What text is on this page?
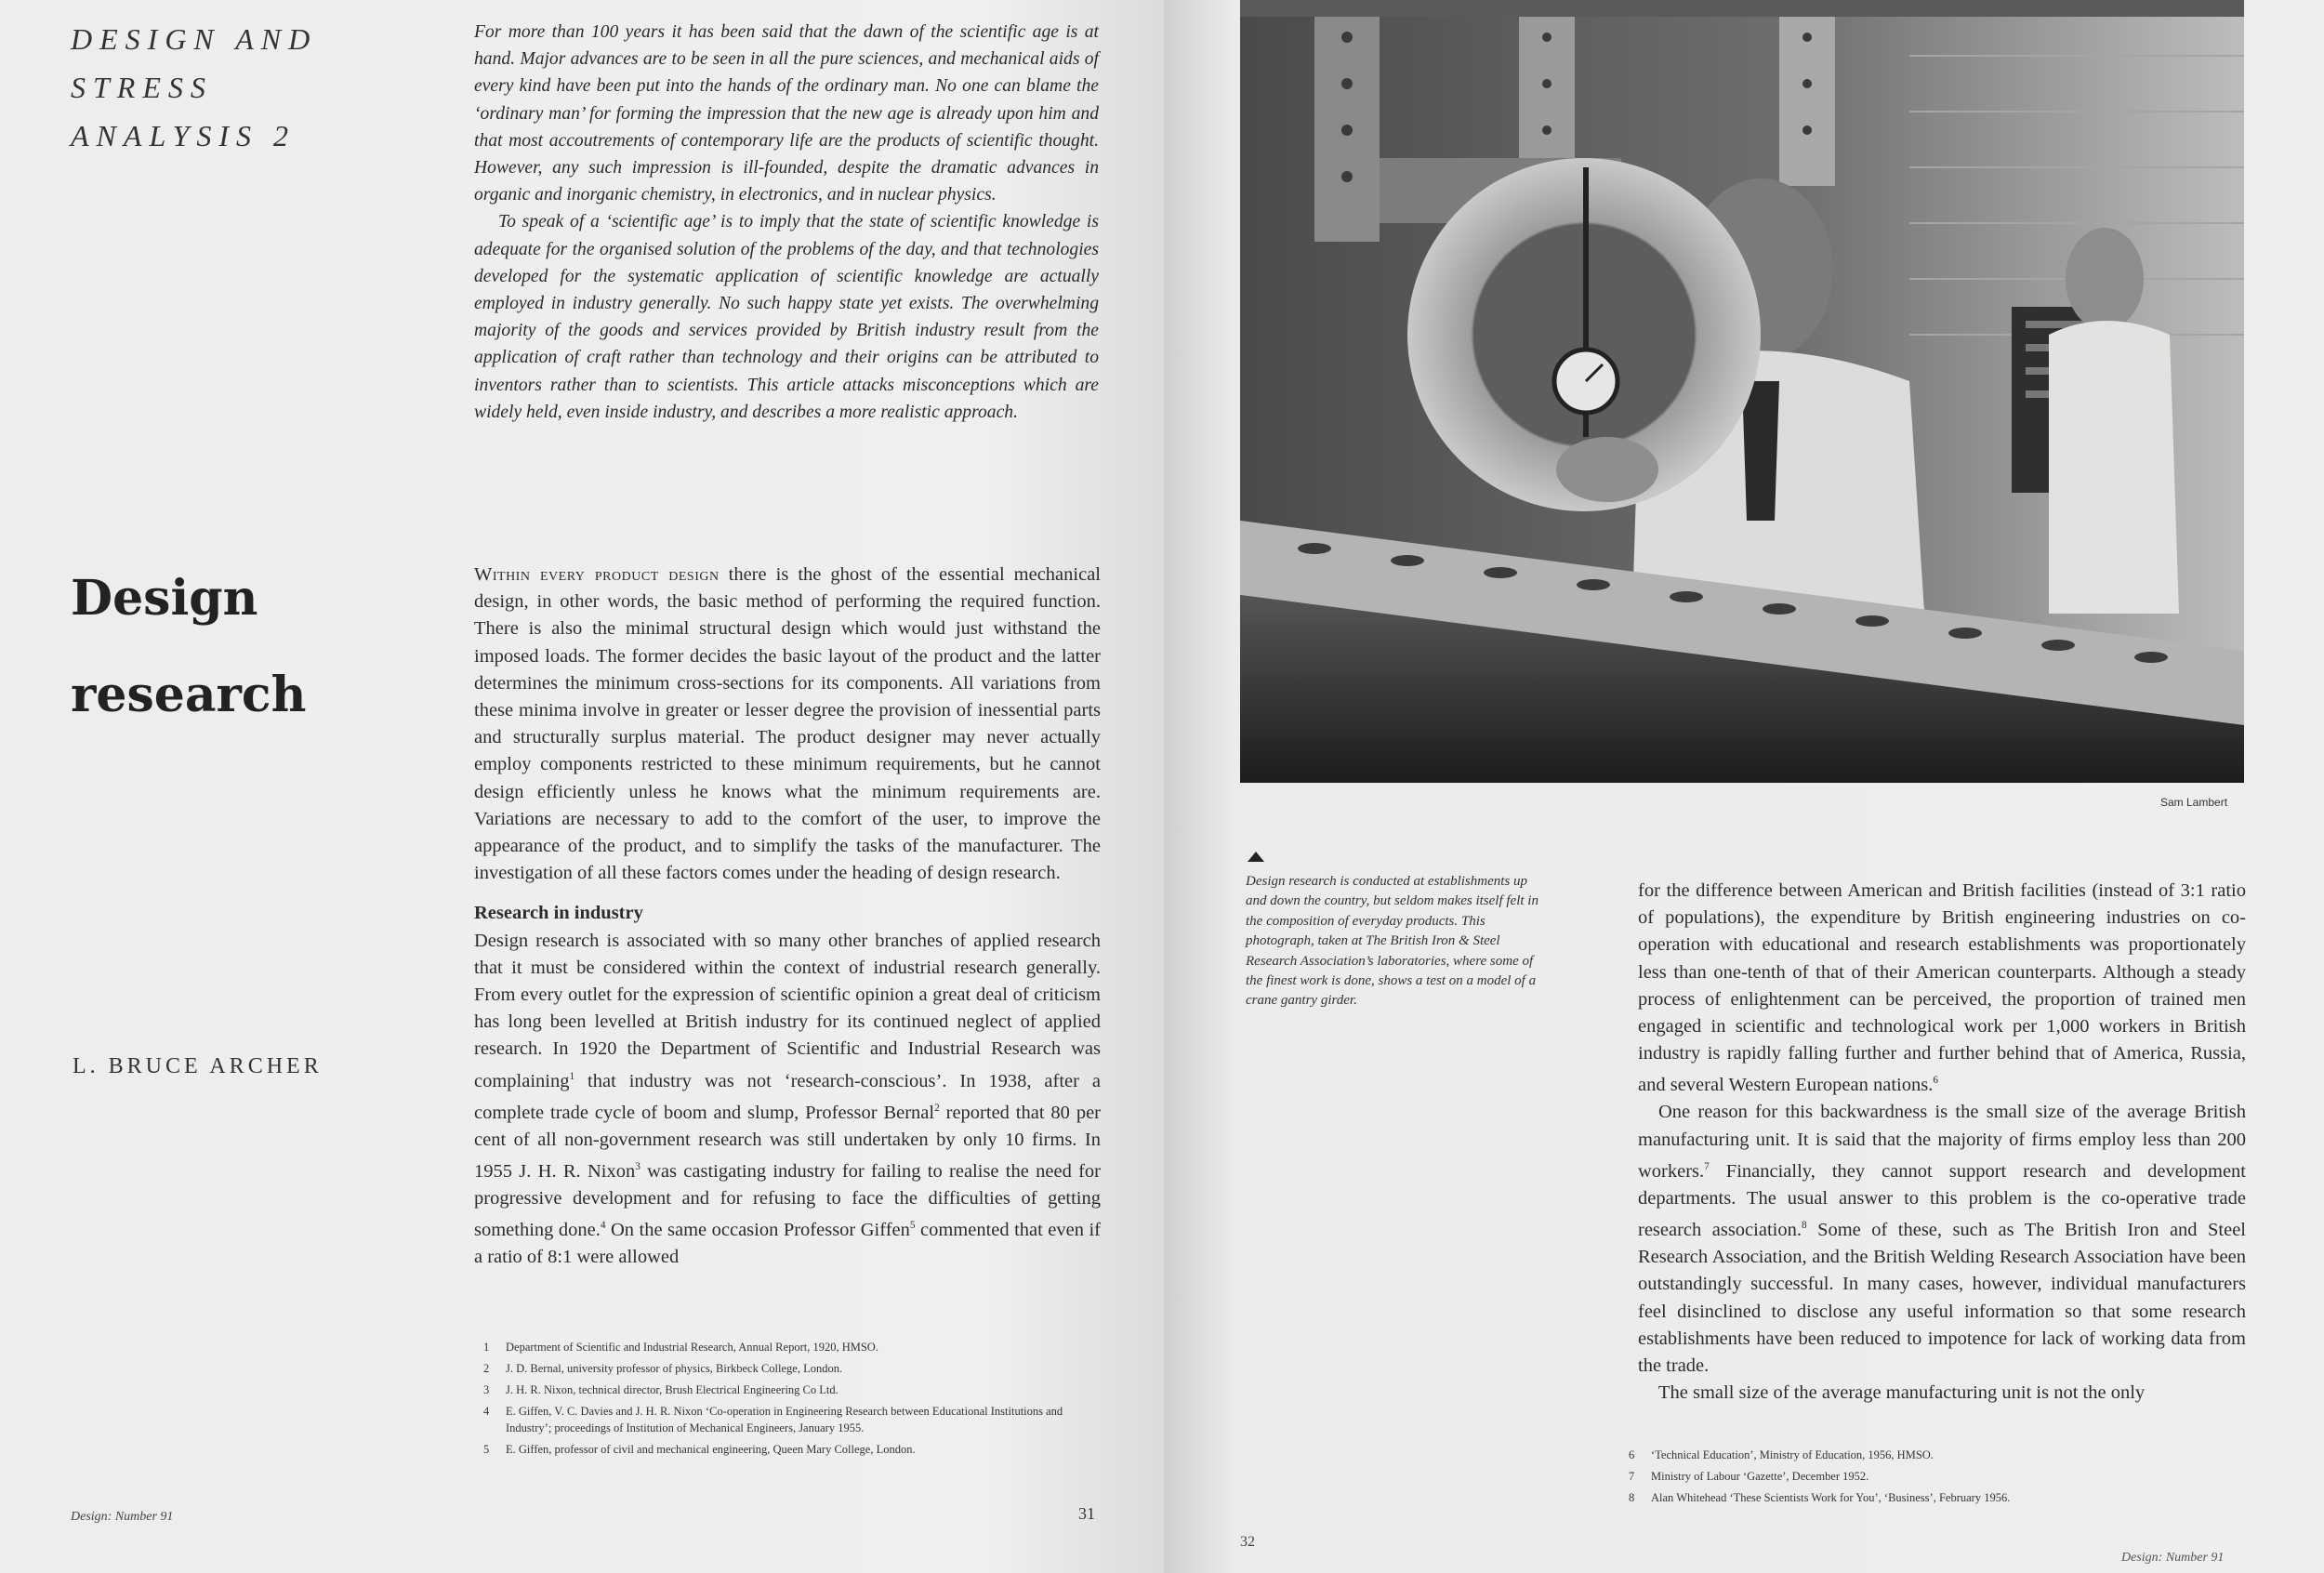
DESIGN AND
STRESS
ANALYSIS 2

For more than 100 years it has been said that the dawn of the scientific age is at hand. Major advances are to be seen in all the pure sciences, and mechanical aids of every kind have been put into the hands of the ordinary man. No one can blame the ‘ordinary man’ for forming the impression that the new age is already upon him and that most accoutrements of contemporary life are the products of scientific thought. However, any such impression is ill-founded, despite the dramatic advances in organic and inorganic chemistry, in electronics, and in nuclear physics.

To speak of a ‘scientific age’ is to imply that the state of scientific knowledge is adequate for the organised solution of the problems of the day, and that technologies developed for the systematic application of scientific knowledge are actually employed in industry generally. No such happy state yet exists. The overwhelming majority of the goods and services provided by British industry result from the application of craft rather than technology and their origins can be attributed to inventors rather than to scientists. This article attacks misconceptions which are widely held, even inside industry, and describes a more realistic approach.

Design
research
L. BRUCE ARCHER

Within every product design there is the ghost of the essential mechanical design, in other words, the basic method of performing the required function. There is also the minimal structural design which would just withstand the imposed loads. The former decides the basic layout of the product and the latter determines the minimum cross-sections for its components. All variations from these minima involve in greater or lesser degree the provision of inessential parts and structurally surplus material. The product designer may never actually employ components restricted to these minimum requirements, but he cannot design efficiently unless he knows what the minimum requirements are. Variations are necessary to add to the comfort of the user, to improve the appearance of the product, and to simplify the tasks of the manufacturer. The investigation of all these factors comes under the heading of design research.

Research in industry

Design research is associated with so many other branches of applied research that it must be considered within the context of industrial research generally. From every outlet for the expression of scientific opinion a great deal of criticism has long been levelled at British industry for its continued neglect of applied research. In 1920 the Department of Scientific and Industrial Research was complaining$^1$ that industry was not ‘research-conscious’. In 1938, after a complete trade cycle of boom and slump, Professor Bernal$^2$ reported that 80 per cent of all non-government research was still undertaken by only 10 firms. In 1955 J. H. R. Nixon$^3$ was castigating industry for failing to realise the need for progressive development and for refusing to face the difficulties of getting something done.$^4$ On the same occasion Professor Giffen$^5$ commented that even if a ratio of 8:1 were allowed

1 Department of Scientific and Industrial Research, Annual Report, 1920, HMSO.
2 J. D. Bernal, university professor of physics, Birkbeck College, London.
3 J. H. R. Nixon, technical director, Brush Electrical Engineering Co Ltd.
4 E. Giffen, V. C. Davies and J. H. R. Nixon ‘Co-operation in Engineering Research between Educational Institutions and Industry’; proceedings of Institution of Mechanical Engineers, January 1955.
5 E. Giffen, professor of civil and mechanical engineering, Queen Mary College, London.
Design: Number 91	31
Sam Lambert
Design research is conducted at establishments up and down the country, but seldom makes itself felt in the composition of everyday products. This photograph, taken at The British Iron & Steel Research Association’s laboratories, where some of the finest work is done, shows a test on a model of a crane gantry girder.

for the difference between American and British facilities (instead of 3:1 ratio of populations), the expenditure by British engineering industries on co-operation with educational and research establishments was proportionately less than one-tenth of that of their American counterparts. Although a steady process of enlightenment can be perceived, the proportion of trained men engaged in scientific and technological work per 1,000 workers in British industry is rapidly falling further and further behind that of America, Russia, and several Western European nations.$^6$

One reason for this backwardness is the small size of the average British manufacturing unit. It is said that the majority of firms employ less than 200 workers.$^7$ Financially, they cannot support research and development departments. The usual answer to this problem is the co-operative trade research association.$^8$ Some of these, such as The British Iron and Steel Research Association, and the British Welding Research Association have been outstandingly successful. In many cases, however, individual manufacturers feel disinclined to disclose any useful information so that some research establishments have been reduced to impotence for lack of working data from the trade.

The small size of the average manufacturing unit is not the only

6 ‘Technical Education’, Ministry of Education, 1956, HMSO.
7 Ministry of Labour ‘Gazette’, December 1952.
8 Alan Whitehead ‘These Scientists Work for You’, ‘Business’, February 1956.
32
Design: Number 91
